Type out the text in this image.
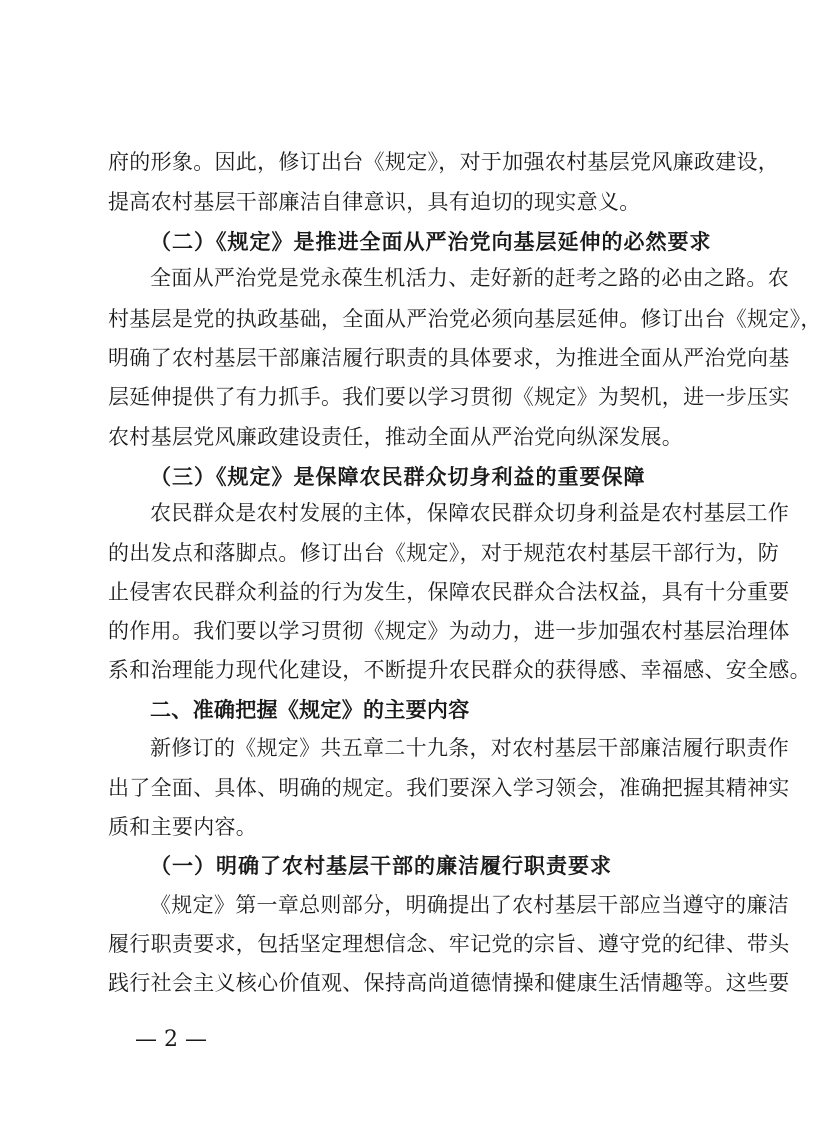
府的形象。因此，修订出台《规定》，对于加强农村基层党风廉政建设，
提高农村基层干部廉洁自律意识，具有迫切的现实意义。
（二）《规定》是推进全面从严治党向基层延伸的必然要求
全面从严治党是党永葆生机活力、走好新的赶考之路的必由之路。农
村基层是党的执政基础，全面从严治党必须向基层延伸。修订出台《规定》，
明确了农村基层干部廉洁履行职责的具体要求，为推进全面从严治党向基
层延伸提供了有力抓手。我们要以学习贯彻《规定》为契机，进一步压实
农村基层党风廉政建设责任，推动全面从严治党向纵深发展。
（三）《规定》是保障农民群众切身利益的重要保障
农民群众是农村发展的主体，保障农民群众切身利益是农村基层工作
的出发点和落脚点。修订出台《规定》，对于规范农村基层干部行为，防
止侵害农民群众利益的行为发生，保障农民群众合法权益，具有十分重要
的作用。我们要以学习贯彻《规定》为动力，进一步加强农村基层治理体
系和治理能力现代化建设，不断提升农民群众的获得感、幸福感、安全感。
二、准确把握《规定》的主要内容
新修订的《规定》共五章二十九条，对农村基层干部廉洁履行职责作
出了全面、具体、明确的规定。我们要深入学习领会，准确把握其精神实
质和主要内容。
（一）明确了农村基层干部的廉洁履行职责要求
《规定》第一章总则部分，明确提出了农村基层干部应当遵守的廉洁
履行职责要求，包括坚定理想信念、牢记党的宗旨、遵守党的纪律、带头
践行社会主义核心价值观、保持高尚道德情操和健康生活情趣等。这些要
— 2 —
